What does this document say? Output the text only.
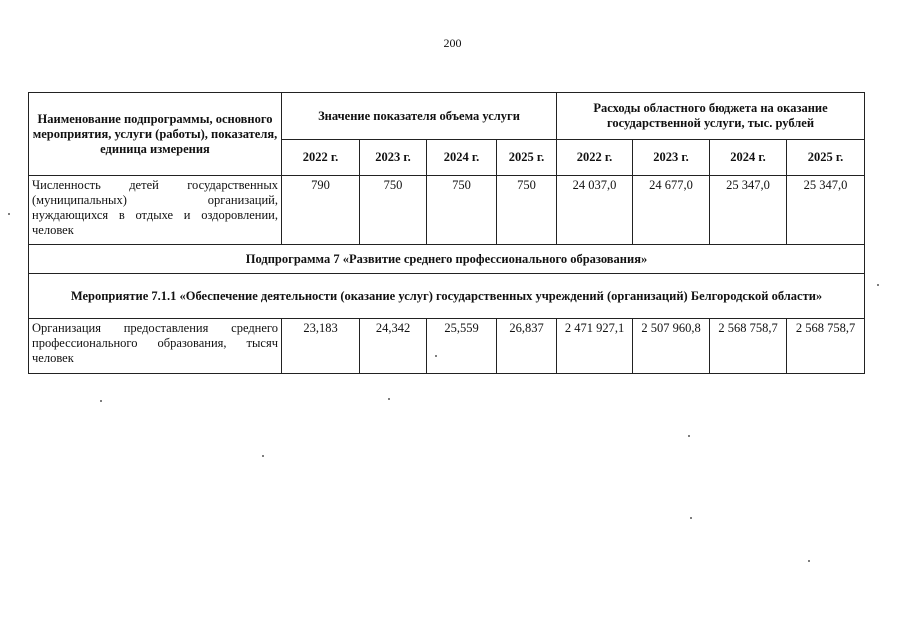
200
Наименование подпрограммы, основного мероприятия, услуги (работы), показателя, единица измерения	Значение показателя объема услуги				Расходы областного бюджета на оказание государственной услуги, тыс. рублей			
	2022 г.	2023 г.	2024 г.	2025 г.	2022 г.	2023 г.	2024 г.	2025 г.
Численность детей государственных (муниципальных) организаций, нуждающихся в отдыхе и оздоровлении, человек	790	750	750	750	24 037,0	24 677,0	25 347,0	25 347,0
Подпрограмма 7 «Развитие среднего профессионального образования»								
Мероприятие 7.1.1 «Обеспечение деятельности (оказание услуг) государственных учреждений (организаций) Белгородской области»								
Организация предоставления среднего профессионального образования, тысяч человек	23,183	24,342	25,559	26,837	2 471 927,1	2 507 960,8	2 568 758,7	2 568 758,7
